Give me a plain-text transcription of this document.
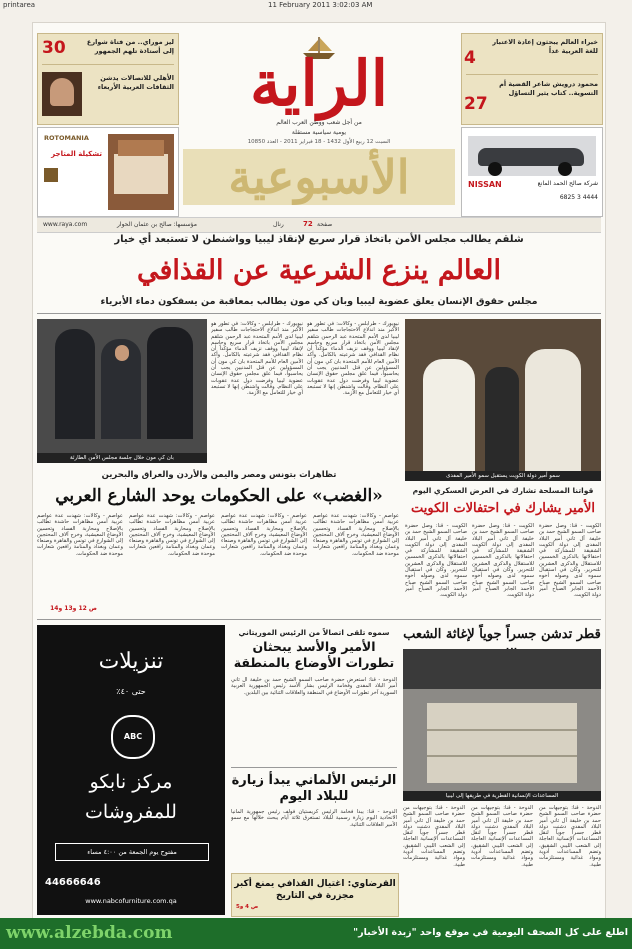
printarea	11 February 2011 3:02:03 AM
30	ليز موراي.. من فتاة شوارع إلى أستاذة تلهم الجمهور
الأهلي للاتصالات يدشن الثقافات العربية الأربعاء
4
خبراء العالم يبحثون إعادة الاعتبار للغة العربية غداً
27
محمود درويش شاعر القضية أم التسوية.. كتاب يثير التساؤل
الراية
من أجل شعب ووطن العرب العالم
يومية سياسية مستقلة
السبت 12 ربيع الأول 1432 - 18 فبراير 2011 - العدد 10850
الأسبوعية
ROTOMANIA
تشكيلة المتاجر
NISSAN	شركة صالح الحمد المانع
6825 3 4444
www.raya.com	مؤسسها: صالح بن عثمان الحوار	رنال	72 صفحة
شلقم يطالب مجلس الأمن باتخاذ قرار سريع لإنقاذ ليبيا وواشنطن لا تستبعد أي خيار
العالم ينزع الشرعية عن القذافي
مجلس حقوق الإنسان يعلق عضوية ليبيا وبان كي مون يطالب بمعاقبة من يسفكون دماء الأبرياء
بان كي مون خلال جلسة مجلس الأمن الطارئة
نيويورك - طرابلس - وكالات: في تطور هو الأكبر منذ اندلاع الاحتجاجات طالب سفير ليبيا لدى الأمم المتحدة عبد الرحمن شلقم مجلس الأمن باتخاذ قرار سريع وحاسم لإنقاذ ليبيا ووقف نزيف الدماء مؤكداً أن نظام القذافي فقد شرعيته بالكامل. وأكد الأمين العام للأمم المتحدة بان كي مون أن المسؤولين عن قتل المدنيين يجب أن يحاسبوا، فيما علق مجلس حقوق الإنسان عضوية ليبيا وفرضت دول عدة عقوبات على النظام. وقالت واشنطن إنها لا تستبعد أي خيار للتعامل مع الأزمة.
نيويورك - طرابلس - وكالات: في تطور هو الأكبر منذ اندلاع الاحتجاجات طالب سفير ليبيا لدى الأمم المتحدة عبد الرحمن شلقم مجلس الأمن باتخاذ قرار سريع وحاسم لإنقاذ ليبيا ووقف نزيف الدماء مؤكداً أن نظام القذافي فقد شرعيته بالكامل. وأكد الأمين العام للأمم المتحدة بان كي مون أن المسؤولين عن قتل المدنيين يجب أن يحاسبوا، فيما علق مجلس حقوق الإنسان عضوية ليبيا وفرضت دول عدة عقوبات على النظام. وقالت واشنطن إنها لا تستبعد أي خيار للتعامل مع الأزمة.
سمو أمير دولة الكويت يستقبل سمو الأمير المفدى
تظاهرات بتونس ومصر واليمن والأردن والعراق والبحرين
«الغضب» على الحكومات يوحد الشارع العربي
عواصم - وكالات: شهدت عدة عواصم عربية أمس مظاهرات حاشدة تطالب بالإصلاح ومحاربة الفساد وتحسين الأوضاع المعيشية، وخرج آلاف المحتجين إلى الشوارع في تونس والقاهرة وصنعاء وعمان وبغداد والمنامة رافعين شعارات موحدة ضد الحكومات.
عواصم - وكالات: شهدت عدة عواصم عربية أمس مظاهرات حاشدة تطالب بالإصلاح ومحاربة الفساد وتحسين الأوضاع المعيشية، وخرج آلاف المحتجين إلى الشوارع في تونس والقاهرة وصنعاء وعمان وبغداد والمنامة رافعين شعارات موحدة ضد الحكومات.
عواصم - وكالات: شهدت عدة عواصم عربية أمس مظاهرات حاشدة تطالب بالإصلاح ومحاربة الفساد وتحسين الأوضاع المعيشية، وخرج آلاف المحتجين إلى الشوارع في تونس والقاهرة وصنعاء وعمان وبغداد والمنامة رافعين شعارات موحدة ضد الحكومات.
عواصم - وكالات: شهدت عدة عواصم عربية أمس مظاهرات حاشدة تطالب بالإصلاح ومحاربة الفساد وتحسين الأوضاع المعيشية، وخرج آلاف المحتجين إلى الشوارع في تونس والقاهرة وصنعاء وعمان وبغداد والمنامة رافعين شعارات موحدة ضد الحكومات.
ص 12 و13 و14
قواتنا المسلحة تشارك في العرض العسكري اليوم
الأمير يشارك في احتفالات الكويت
الكويت - قنا: وصل حضرة صاحب السمو الشيخ حمد بن خليفة آل ثاني أمير البلاد المفدى إلى دولة الكويت الشقيقة للمشاركة في احتفالاتها بالذكرى الخمسين للاستقلال والذكرى العشرين للتحرير. وكان في استقبال سموه لدى وصوله أخوه صاحب السمو الشيخ صباح الأحمد الجابر الصباح أمير دولة الكويت.
الكويت - قنا: وصل حضرة صاحب السمو الشيخ حمد بن خليفة آل ثاني أمير البلاد المفدى إلى دولة الكويت الشقيقة للمشاركة في احتفالاتها بالذكرى الخمسين للاستقلال والذكرى العشرين للتحرير. وكان في استقبال سموه لدى وصوله أخوه صاحب السمو الشيخ صباح الأحمد الجابر الصباح أمير دولة الكويت.
الكويت - قنا: وصل حضرة صاحب السمو الشيخ حمد بن خليفة آل ثاني أمير البلاد المفدى إلى دولة الكويت الشقيقة للمشاركة في احتفالاتها بالذكرى الخمسين للاستقلال والذكرى العشرين للتحرير. وكان في استقبال سموه لدى وصوله أخوه صاحب السمو الشيخ صباح الأحمد الجابر الصباح أمير دولة الكويت.
تنزيلات
حتى ٤٠٪
ABC
مركز نابكو
للمفروشات
مفتوح يوم الجمعة من ٤:٠٠ مساء
44666646
www.nabcofurniture.com.qa
سموه تلقى اتصالاً من الرئيس الموريتاني
الأمير والأسد يبحثان تطورات الأوضاع بالمنطقة
الدوحة - قنا: استعرض حضرة صاحب السمو الشيخ حمد بن خليفة آل ثاني أمير البلاد المفدى وفخامة الرئيس بشار الأسد رئيس الجمهورية العربية السورية آخر تطورات الأوضاع في المنطقة والعلاقات الثنائية بين البلدين.
الرئيس الألماني يبدأ زيارة للبلاد اليوم
الدوحة - قنا: يبدأ فخامة الرئيس كريستيان فولف رئيس جمهورية ألمانيا الاتحادية اليوم زيارة رسمية للبلاد تستغرق ثلاثة أيام يبحث خلالها مع سمو الأمير العلاقات الثنائية.
القرضاوي: اغتيال القذافي يمنع أكبر مجزرة في التاريخ
ص 4 و5
قطر تدشن جسراً جوياً لإغاثة الشعب
المساعدات الإنسانية القطرية في طريقها إلى ليبيا
الدوحة - قنا: بتوجيهات من حضرة صاحب السمو الشيخ حمد بن خليفة آل ثاني أمير البلاد المفدى دشنت دولة قطر جسراً جوياً لنقل المساعدات الإنسانية العاجلة إلى الشعب الليبي الشقيق، وتضم المساعدات أدوية ومواد غذائية ومستلزمات طبية.
الدوحة - قنا: بتوجيهات من حضرة صاحب السمو الشيخ حمد بن خليفة آل ثاني أمير البلاد المفدى دشنت دولة قطر جسراً جوياً لنقل المساعدات الإنسانية العاجلة إلى الشعب الليبي الشقيق، وتضم المساعدات أدوية ومواد غذائية ومستلزمات طبية.
الدوحة - قنا: بتوجيهات من حضرة صاحب السمو الشيخ حمد بن خليفة آل ثاني أمير البلاد المفدى دشنت دولة قطر جسراً جوياً لنقل المساعدات الإنسانية العاجلة إلى الشعب الليبي الشقيق، وتضم المساعدات أدوية ومواد غذائية ومستلزمات طبية.
www.alzebda.com	اطلع على كل الصحف اليومية في موقع واحد "زبدة الأخبار"
